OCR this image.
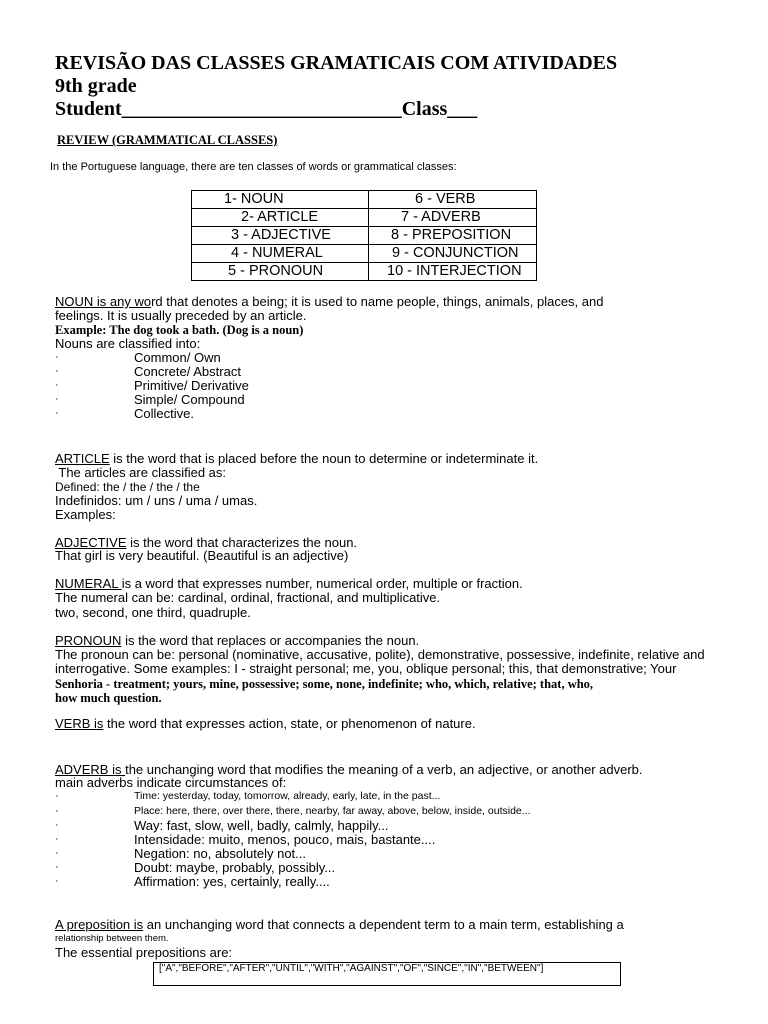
REVISÃO DAS CLASSES GRAMATICAIS COM ATIVIDADES
9th grade
Student____________________________Class___
REVIEW (GRAMMATICAL CLASSES)
In the Portuguese language, there are ten classes of words or grammatical classes:
1- NOUN	6 - VERB
2- ARTICLE	7 - ADVERB
3 - ADJECTIVE	8 - PREPOSITION
4 - NUMERAL	9 - CONJUNCTION
5 - PRONOUN	10 - INTERJECTION
NOUN is any word that denotes a being; it is used to name people, things, animals, places, and
feelings. It is usually preceded by an article.
Example: The dog took a bath. (Dog is a noun)
Nouns are classified into:
·	Common/ Own
·	Concrete/ Abstract
·	Primitive/ Derivative
·	Simple/ Compound
·	Collective.
ARTICLE is the word that is placed before the noun to determine or indeterminate it.
The articles are classified as:
Defined: the / the / the / the
Indefinidos: um / uns / uma / umas.
Examples:
ADJECTIVE is the word that characterizes the noun.
That girl is very beautiful. (Beautiful is an adjective)
NUMERAL is a word that expresses number, numerical order, multiple or fraction.
The numeral can be: cardinal, ordinal, fractional, and multiplicative.
two, second, one third, quadruple.
PRONOUN is the word that replaces or accompanies the noun.
The pronoun can be: personal (nominative, accusative, polite), demonstrative, possessive, indefinite, relative and
interrogative. Some examples: I - straight personal; me, you, oblique personal; this, that demonstrative; Your
Senhoria - treatment; yours, mine, possessive; some, none, indefinite; who, which, relative; that, who,
how much question.
VERB is the word that expresses action, state, or phenomenon of nature.
ADVERB is the unchanging word that modifies the meaning of a verb, an adjective, or another adverb.
main adverbs indicate circumstances of:
·	Time: yesterday, today, tomorrow, already, early, late, in the past...
·	Place: here, there, over there, there, nearby, far away, above, below, inside, outside...
·	Way: fast, slow, well, badly, calmly, happily...
·	Intensidade: muito, menos, pouco, mais, bastante....
·	Negation: no, absolutely not...
·	Doubt: maybe, probably, possibly...
·	Affirmation: yes, certainly, really....
A preposition is an unchanging word that connects a dependent term to a main term, establishing a
relationship between them.
The essential prepositions are:
["A","BEFORE","AFTER","UNTIL","WITH","AGAINST","OF","SINCE","IN","BETWEEN"]
